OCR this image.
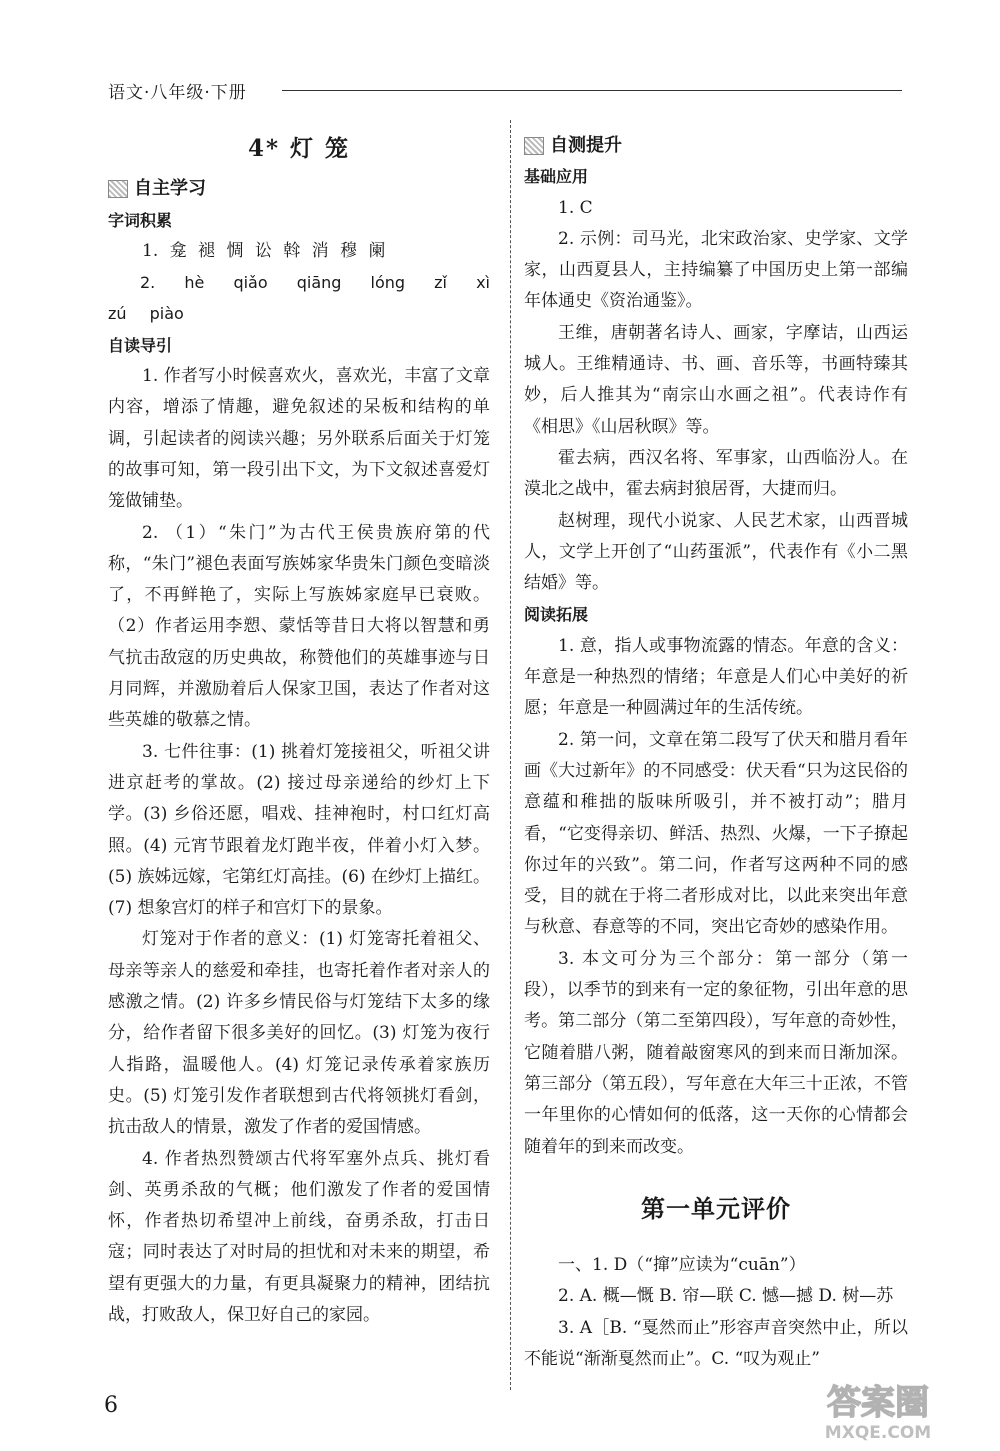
语文·八年级·下册
4* 灯 笼
自主学习

字词积累

1. 龛 褪 惆 讼 斡 消 穆 阑

2. hè qiǎo qiāng lóng zǐ xì zú piào

自读导引

1. 作者写小时候喜欢火，喜欢光，丰富了文章内容，增添了情趣，避免叙述的呆板和结构的单调，引起读者的阅读兴趣；另外联系后面关于灯笼的故事可知，第一段引出下文，为下文叙述喜爱灯笼做铺垫。

2. （1）“朱门”为古代王侯贵族府第的代称，“朱门”褪色表面写族姊家华贵朱门颜色变暗淡了，不再鲜艳了，实际上写族姊家庭早已衰败。 （2）作者运用李愬、蒙恬等昔日大将以智慧和勇气抗击敌寇的历史典故，称赞他们的英雄事迹与日月同辉，并激励着后人保家卫国，表达了作者对这些英雄的敬慕之情。

3. 七件往事：(1) 挑着灯笼接祖父，听祖父讲进京赶考的掌故。(2) 接过母亲递给的纱灯上下学。(3) 乡俗还愿，唱戏、挂神袍时，村口红灯高照。(4) 元宵节跟着龙灯跑半夜，伴着小灯入梦。(5) 族姊远嫁，宅第红灯高挂。(6) 在纱灯上描红。(7) 想象宫灯的样子和宫灯下的景象。

灯笼对于作者的意义：(1) 灯笼寄托着祖父、母亲等亲人的慈爱和牵挂，也寄托着作者对亲人的感激之情。(2) 许多乡情民俗与灯笼结下太多的缘分，给作者留下很多美好的回忆。(3) 灯笼为夜行人指路，温暖他人。(4) 灯笼记录传承着家族历史。(5) 灯笼引发作者联想到古代将领挑灯看剑，抗击敌人的情景，激发了作者的爱国情感。

4. 作者热烈赞颂古代将军塞外点兵、挑灯看剑、英勇杀敌的气概；他们激发了作者的爱国情怀，作者热切希望冲上前线，奋勇杀敌，打击日寇；同时表达了对时局的担忧和对未来的期望，希望有更强大的力量，有更具凝聚力的精神，团结抗战，打败敌人，保卫好自己的家园。

自测提升

基础应用

1. C

2. 示例：司马光，北宋政治家、史学家、文学家，山西夏县人，主持编纂了中国历史上第一部编年体通史《资治通鉴》。

王维，唐朝著名诗人、画家，字摩诘，山西运城人。王维精通诗、书、画、音乐等，书画特臻其妙，后人推其为“南宗山水画之祖”。代表诗作有《相思》《山居秋暝》等。

霍去病，西汉名将、军事家，山西临汾人。在漠北之战中，霍去病封狼居胥，大捷而归。

赵树理，现代小说家、人民艺术家，山西晋城人，文学上开创了“山药蛋派”，代表作有《小二黑结婚》等。

阅读拓展

1. 意，指人或事物流露的情态。年意的含义：年意是一种热烈的情绪；年意是人们心中美好的祈愿；年意是一种圆满过年的生活传统。

2. 第一问，文章在第二段写了伏天和腊月看年画《大过新年》的不同感受：伏天看“只为这民俗的意蕴和稚拙的版味所吸引，并不被打动”；腊月看，“它变得亲切、鲜活、热烈、火爆，一下子撩起你过年的兴致”。第二问，作者写这两种不同的感受，目的就在于将二者形成对比，以此来突出年意与秋意、春意等的不同，突出它奇妙的感染作用。

3. 本文可分为三个部分：第一部分（第一段），以季节的到来有一定的象征物，引出年意的思考。第二部分（第二至第四段），写年意的奇妙性，它随着腊八粥，随着敲窗寒风的到来而日渐加深。第三部分（第五段），写年意在大年三十正浓，不管一年里你的心情如何的低落，这一天你的心情都会随着年的到来而改变。

第一单元评价

一、1. D（“撺”应读为“cuān”）

2. A. 概—慨 B. 帘—联 C. 憾—撼 D. 树—苏

3. A［B. “戛然而止”形容声音突然中止，所以不能说“渐渐戛然而止”。C. “叹为观止”

6	答案圈
MXQE.COM
